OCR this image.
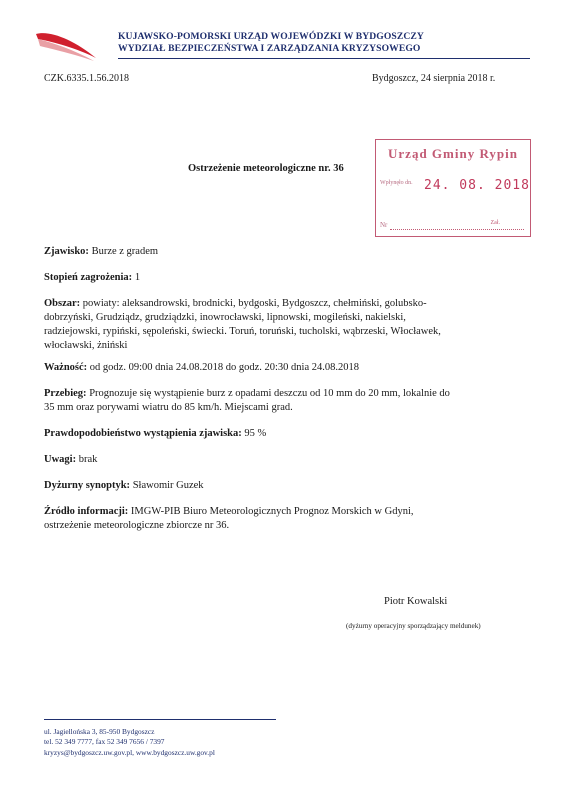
KUJAWSKO-POMORSKI URZĄD WOJEWÓDZKI W BYDGOSZCZY
WYDZIAŁ BEZPIECZEŃSTWA I ZARZĄDZANIA KRYZYSOWEGO
CZK.6335.1.56.2018	Bydgoszcz, 24 sierpnia 2018 r.
Urząd Gminy Rypin
Wpłynęło dn. 24. 08. 2018
Nr	Zał.
Ostrzeżenie meteorologiczne nr. 36
Zjawisko: Burze z gradem
Stopień zagrożenia: 1
Obszar: powiaty: aleksandrowski, brodnicki, bydgoski, Bydgoszcz, chełmiński, golubsko-
dobrzyński, Grudziądz, grudziądzki, inowrocławski, lipnowski, mogileński, nakielski,
radziejowski, rypiński, sępoleński, świecki. Toruń, toruński, tucholski, wąbrzeski, Włocławek,
włocławski, żniński
Ważność: od godz. 09:00 dnia 24.08.2018 do godz. 20:30 dnia 24.08.2018
Przebieg: Prognozuje się wystąpienie burz z opadami deszczu od 10 mm do 20 mm, lokalnie do
35 mm oraz porywami wiatru do 85 km/h. Miejscami grad.
Prawdopodobieństwo wystąpienia zjawiska: 95 %
Uwagi: brak
Dyżurny synoptyk: Sławomir Guzek
Źródło informacji: IMGW-PIB Biuro Meteorologicznych Prognoz Morskich w Gdyni,
ostrzeżenie meteorologiczne zbiorcze nr 36.
Piotr Kowalski
(dyżurny operacyjny sporządzający meldunek)
ul. Jagiellońska 3, 85-950 Bydgoszcz
tel. 52 349 7777, fax 52 349 7656 / 7397
kryzys@bydgoszcz.uw.gov.pl, www.bydgoszcz.uw.gov.pl
